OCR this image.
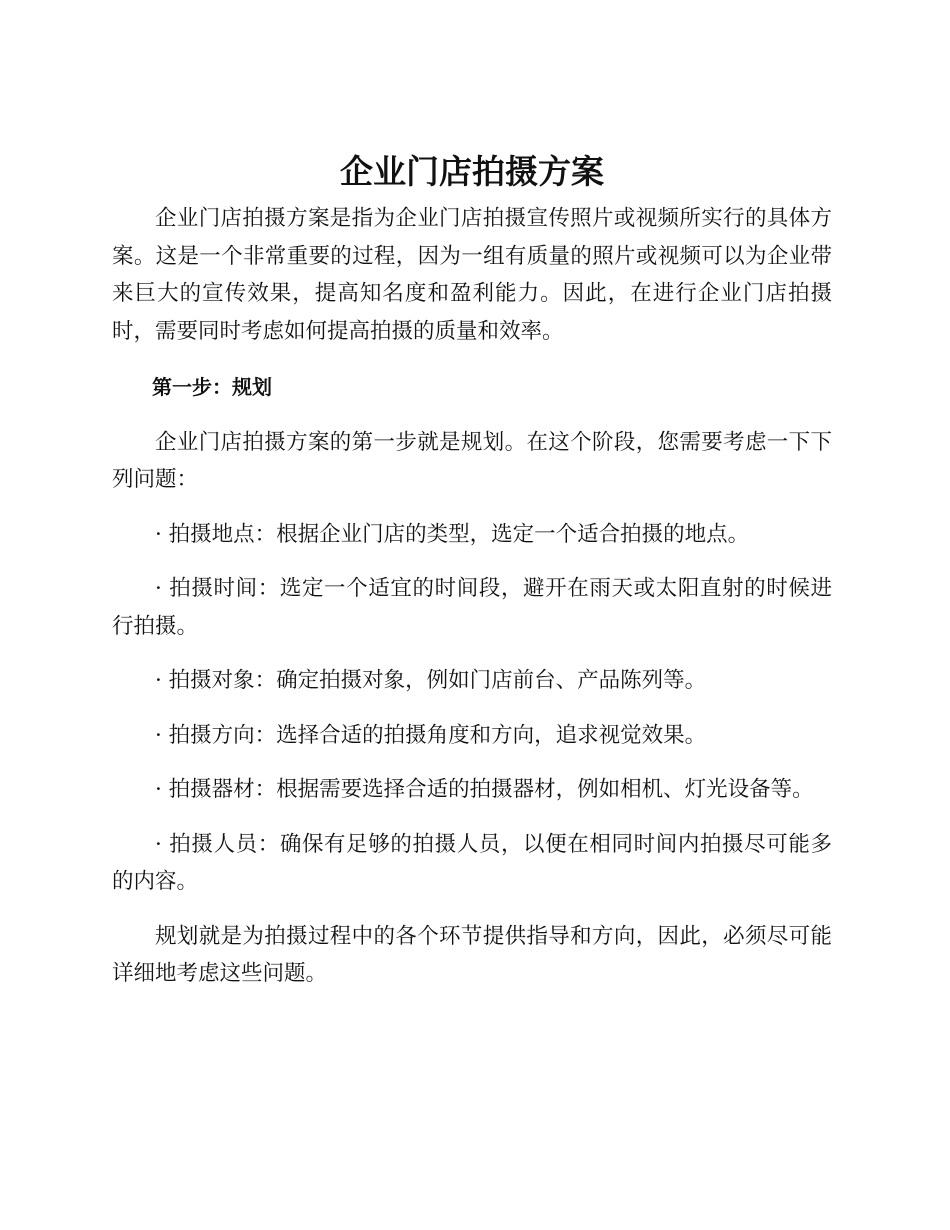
企业门店拍摄方案

企业门店拍摄方案是指为企业门店拍摄宣传照片或视频所实行的具体方案。这是一个非常重要的过程，因为一组有质量的照片或视频可以为企业带来巨大的宣传效果，提高知名度和盈利能力。因此，在进行企业门店拍摄时，需要同时考虑如何提高拍摄的质量和效率。

第一步：规划

企业门店拍摄方案的第一步就是规划。在这个阶段，您需要考虑一下下列问题：

· 拍摄地点：根据企业门店的类型，选定一个适合拍摄的地点。

· 拍摄时间：选定一个适宜的时间段，避开在雨天或太阳直射的时候进行拍摄。

· 拍摄对象：确定拍摄对象，例如门店前台、产品陈列等。

· 拍摄方向：选择合适的拍摄角度和方向，追求视觉效果。

· 拍摄器材：根据需要选择合适的拍摄器材，例如相机、灯光设备等。

· 拍摄人员：确保有足够的拍摄人员，以便在相同时间内拍摄尽可能多的内容。

规划就是为拍摄过程中的各个环节提供指导和方向，因此，必须尽可能详细地考虑这些问题。
